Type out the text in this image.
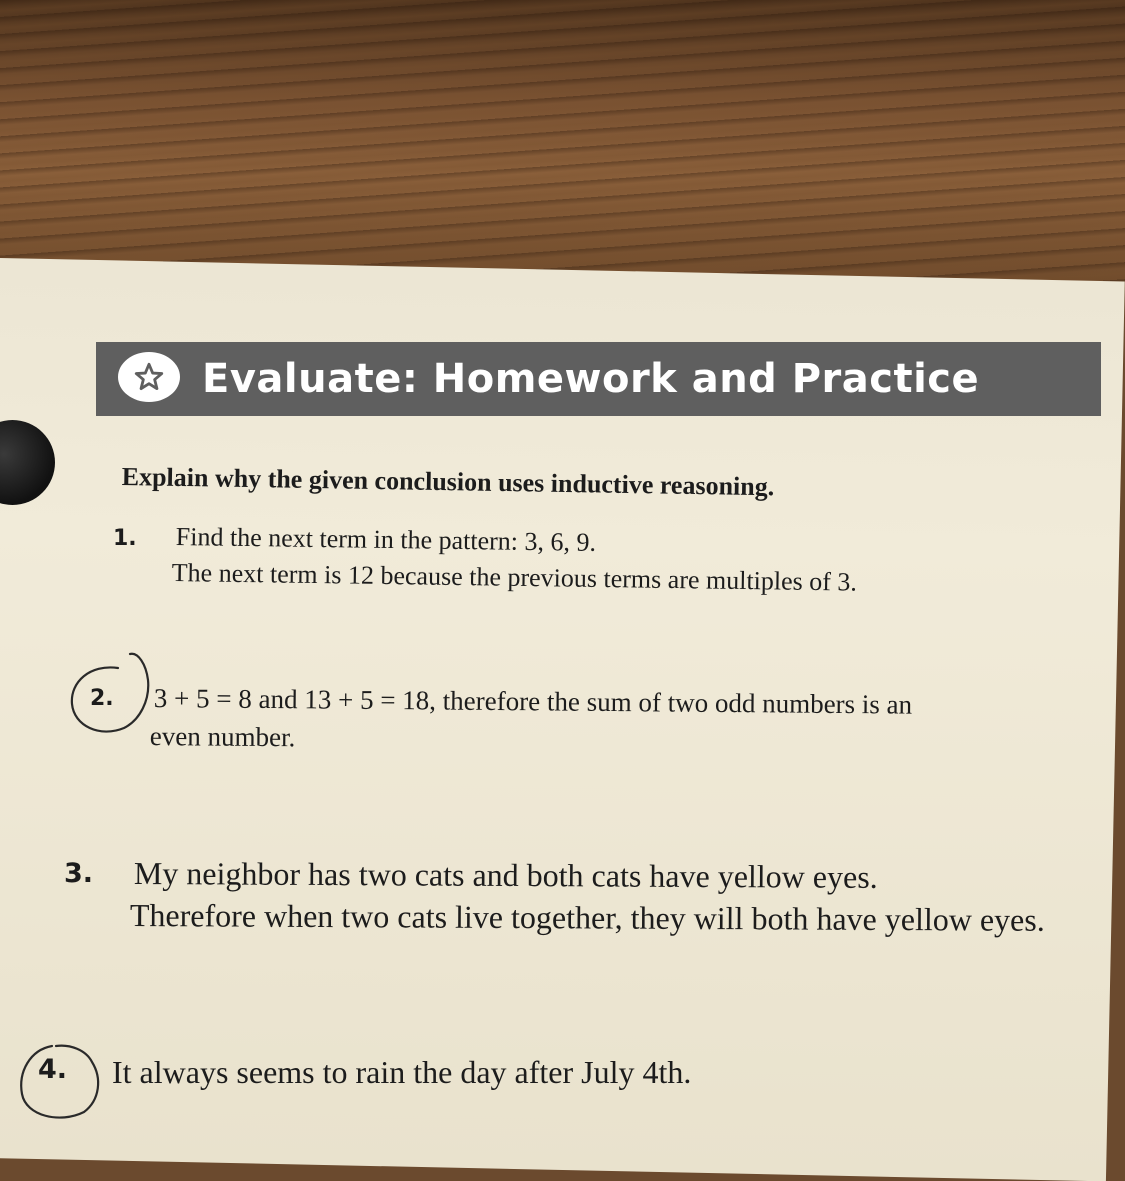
Evaluate: Homework and Practice
Explain why the given conclusion uses inductive reasoning.
1. Find the next term in the pattern: 3, 6, 9.
The next term is 12 because the previous terms are multiples of 3.
2. 3 + 5 = 8 and 13 + 5 = 18, therefore the sum of two odd numbers is an
even number.
3. My neighbor has two cats and both cats have yellow eyes.
Therefore when two cats live together, they will both have yellow eyes.
4. It always seems to rain the day after July 4th.
